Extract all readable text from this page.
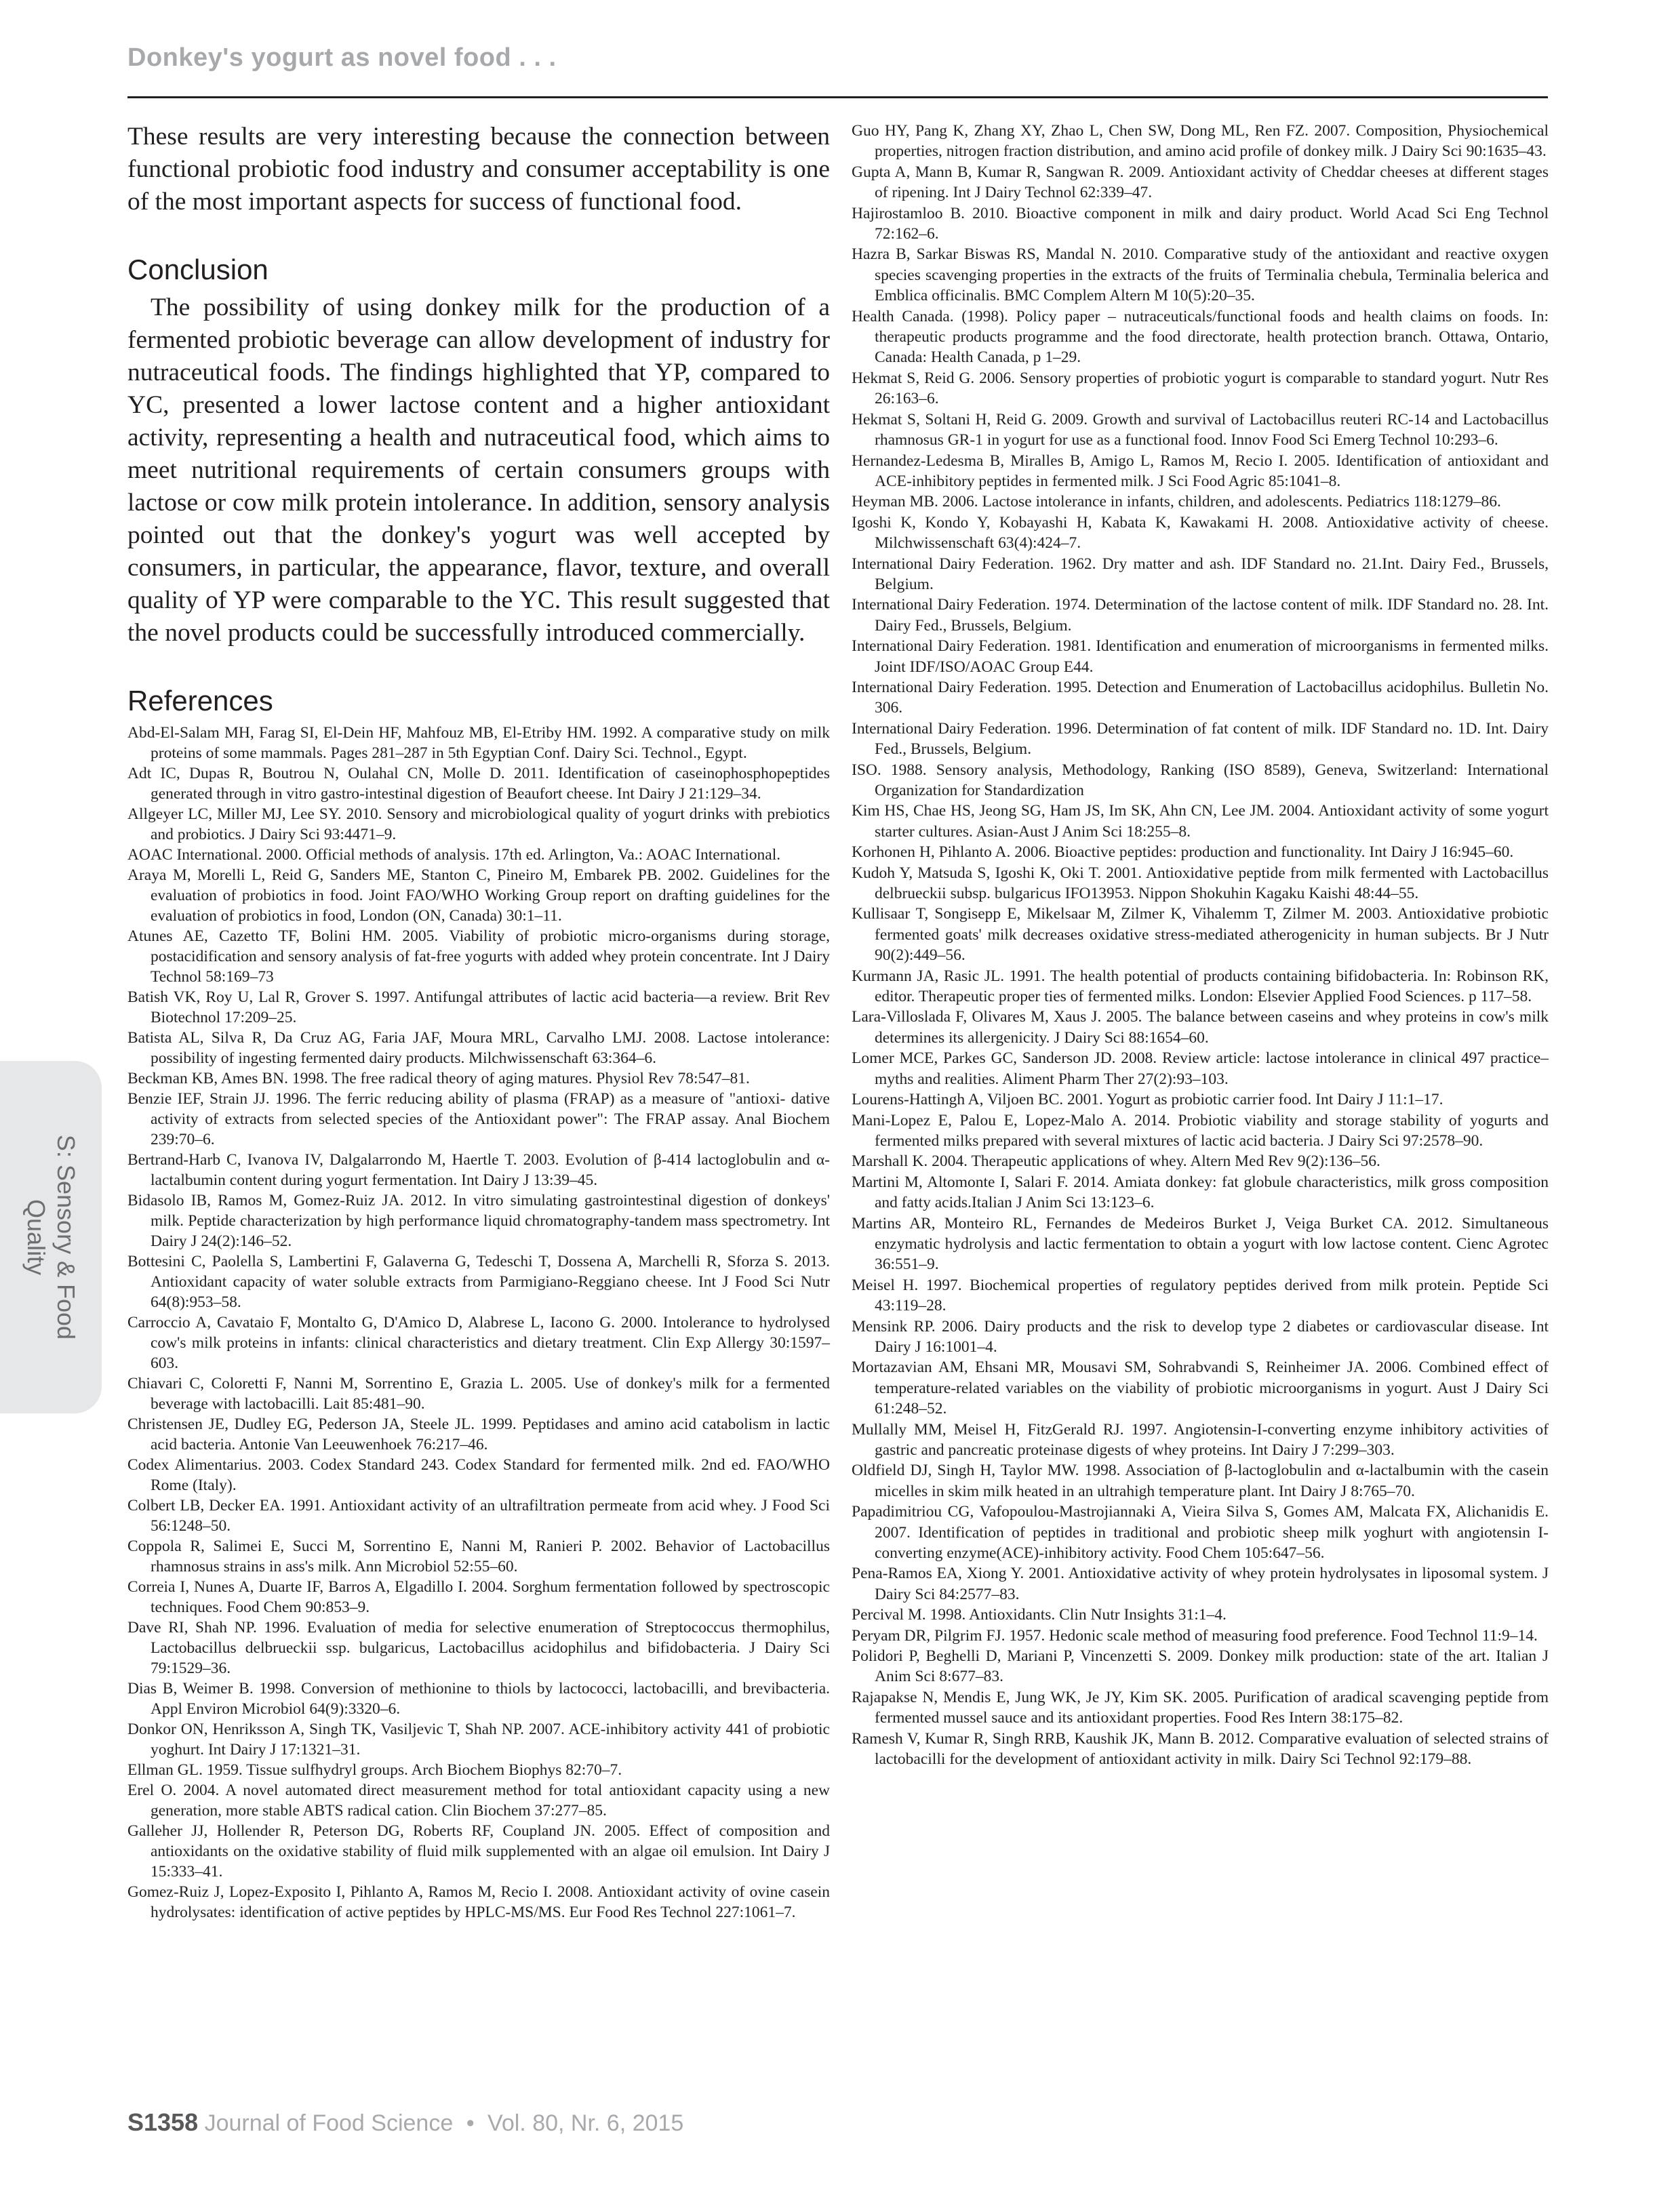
Donkey's yogurt as novel food . . .

These results are very interesting because the connection between functional probiotic food industry and consumer acceptability is one of the most important aspects for success of functional food.

Conclusion

The possibility of using donkey milk for the production of a fermented probiotic beverage can allow development of industry for nutraceutical foods. The findings highlighted that YP, compared to YC, presented a lower lactose content and a higher antioxidant activity, representing a health and nutraceutical food, which aims to meet nutritional requirements of certain consumers groups with lactose or cow milk protein intolerance. In addition, sensory analysis pointed out that the donkey's yogurt was well accepted by consumers, in particular, the appearance, flavor, texture, and overall quality of YP were comparable to the YC. This result suggested that the novel products could be successfully introduced commercially.

References
Abd-El-Salam MH, Farag SI, El-Dein HF, Mahfouz MB, El-Etriby HM. 1992. A comparative study on milk proteins of some mammals. Pages 281–287 in 5th Egyptian Conf. Dairy Sci. Technol., Egypt.
Adt IC, Dupas R, Boutrou N, Oulahal CN, Molle D. 2011. Identification of caseinophosphopeptides generated through in vitro gastro-intestinal digestion of Beaufort cheese. Int Dairy J 21:129–34.
Allgeyer LC, Miller MJ, Lee SY. 2010. Sensory and microbiological quality of yogurt drinks with prebiotics and probiotics. J Dairy Sci 93:4471–9.
AOAC International. 2000. Official methods of analysis. 17th ed. Arlington, Va.: AOAC International.
Araya M, Morelli L, Reid G, Sanders ME, Stanton C, Pineiro M, Embarek PB. 2002. Guidelines for the evaluation of probiotics in food. Joint FAO/WHO Working Group report on drafting guidelines for the evaluation of probiotics in food, London (ON, Canada) 30:1–11.
Atunes AE, Cazetto TF, Bolini HM. 2005. Viability of probiotic micro-organisms during storage, postacidification and sensory analysis of fat-free yogurts with added whey protein concentrate. Int J Dairy Technol 58:169–73
Batish VK, Roy U, Lal R, Grover S. 1997. Antifungal attributes of lactic acid bacteria—a review. Brit Rev Biotechnol 17:209–25.
Batista AL, Silva R, Da Cruz AG, Faria JAF, Moura MRL, Carvalho LMJ. 2008. Lactose intolerance: possibility of ingesting fermented dairy products. Milchwissenschaft 63:364–6.
Beckman KB, Ames BN. 1998. The free radical theory of aging matures. Physiol Rev 78:547–81.
Benzie IEF, Strain JJ. 1996. The ferric reducing ability of plasma (FRAP) as a measure of "antioxi- dative activity of extracts from selected species of the Antioxidant power": The FRAP assay. Anal Biochem 239:70–6.
Bertrand-Harb C, Ivanova IV, Dalgalarrondo M, Haertle T. 2003. Evolution of β-414 lactoglobulin and α-lactalbumin content during yogurt fermentation. Int Dairy J 13:39–45.
Bidasolo IB, Ramos M, Gomez-Ruiz JA. 2012. In vitro simulating gastrointestinal digestion of donkeys' milk. Peptide characterization by high performance liquid chromatography-tandem mass spectrometry. Int Dairy J 24(2):146–52.
Bottesini C, Paolella S, Lambertini F, Galaverna G, Tedeschi T, Dossena A, Marchelli R, Sforza S. 2013. Antioxidant capacity of water soluble extracts from Parmigiano-Reggiano cheese. Int J Food Sci Nutr 64(8):953–58.
Carroccio A, Cavataio F, Montalto G, D'Amico D, Alabrese L, Iacono G. 2000. Intolerance to hydrolysed cow's milk proteins in infants: clinical characteristics and dietary treatment. Clin Exp Allergy 30:1597–603.
Chiavari C, Coloretti F, Nanni M, Sorrentino E, Grazia L. 2005. Use of donkey's milk for a fermented beverage with lactobacilli. Lait 85:481–90.
Christensen JE, Dudley EG, Pederson JA, Steele JL. 1999. Peptidases and amino acid catabolism in lactic acid bacteria. Antonie Van Leeuwenhoek 76:217–46.
Codex Alimentarius. 2003. Codex Standard 243. Codex Standard for fermented milk. 2nd ed. FAO/WHO Rome (Italy).
Colbert LB, Decker EA. 1991. Antioxidant activity of an ultrafiltration permeate from acid whey. J Food Sci 56:1248–50.
Coppola R, Salimei E, Succi M, Sorrentino E, Nanni M, Ranieri P. 2002. Behavior of Lactobacillus rhamnosus strains in ass's milk. Ann Microbiol 52:55–60.
Correia I, Nunes A, Duarte IF, Barros A, Elgadillo I. 2004. Sorghum fermentation followed by spectroscopic techniques. Food Chem 90:853–9.
Dave RI, Shah NP. 1996. Evaluation of media for selective enumeration of Streptococcus thermophilus, Lactobacillus delbrueckii ssp. bulgaricus, Lactobacillus acidophilus and bifidobacteria. J Dairy Sci 79:1529–36.
Dias B, Weimer B. 1998. Conversion of methionine to thiols by lactococci, lactobacilli, and brevibacteria. Appl Environ Microbiol 64(9):3320–6.
Donkor ON, Henriksson A, Singh TK, Vasiljevic T, Shah NP. 2007. ACE-inhibitory activity 441 of probiotic yoghurt. Int Dairy J 17:1321–31.
Ellman GL. 1959. Tissue sulfhydryl groups. Arch Biochem Biophys 82:70–7.
Erel O. 2004. A novel automated direct measurement method for total antioxidant capacity using a new generation, more stable ABTS radical cation. Clin Biochem 37:277–85.
Galleher JJ, Hollender R, Peterson DG, Roberts RF, Coupland JN. 2005. Effect of composition and antioxidants on the oxidative stability of fluid milk supplemented with an algae oil emulsion. Int Dairy J 15:333–41.
Gomez-Ruiz J, Lopez-Exposito I, Pihlanto A, Ramos M, Recio I. 2008. Antioxidant activity of ovine casein hydrolysates: identification of active peptides by HPLC-MS/MS. Eur Food Res Technol 227:1061–7.
Guo HY, Pang K, Zhang XY, Zhao L, Chen SW, Dong ML, Ren FZ. 2007. Composition, Physiochemical properties, nitrogen fraction distribution, and amino acid profile of donkey milk. J Dairy Sci 90:1635–43.
Gupta A, Mann B, Kumar R, Sangwan R. 2009. Antioxidant activity of Cheddar cheeses at different stages of ripening. Int J Dairy Technol 62:339–47.
Hajirostamloo B. 2010. Bioactive component in milk and dairy product. World Acad Sci Eng Technol 72:162–6.
Hazra B, Sarkar Biswas RS, Mandal N. 2010. Comparative study of the antioxidant and reactive oxygen species scavenging properties in the extracts of the fruits of Terminalia chebula, Terminalia belerica and Emblica officinalis. BMC Complem Altern M 10(5):20–35.
Health Canada. (1998). Policy paper – nutraceuticals/functional foods and health claims on foods. In: therapeutic products programme and the food directorate, health protection branch. Ottawa, Ontario, Canada: Health Canada, p 1–29.
Hekmat S, Reid G. 2006. Sensory properties of probiotic yogurt is comparable to standard yogurt. Nutr Res 26:163–6.
Hekmat S, Soltani H, Reid G. 2009. Growth and survival of Lactobacillus reuteri RC-14 and Lactobacillus rhamnosus GR-1 in yogurt for use as a functional food. Innov Food Sci Emerg Technol 10:293–6.
Hernandez-Ledesma B, Miralles B, Amigo L, Ramos M, Recio I. 2005. Identification of antioxidant and ACE-inhibitory peptides in fermented milk. J Sci Food Agric 85:1041–8.
Heyman MB. 2006. Lactose intolerance in infants, children, and adolescents. Pediatrics 118:1279–86.
Igoshi K, Kondo Y, Kobayashi H, Kabata K, Kawakami H. 2008. Antioxidative activity of cheese. Milchwissenschaft 63(4):424–7.
International Dairy Federation. 1962. Dry matter and ash. IDF Standard no. 21.Int. Dairy Fed., Brussels, Belgium.
International Dairy Federation. 1974. Determination of the lactose content of milk. IDF Standard no. 28. Int. Dairy Fed., Brussels, Belgium.
International Dairy Federation. 1981. Identification and enumeration of microorganisms in fermented milks. Joint IDF/ISO/AOAC Group E44.
International Dairy Federation. 1995. Detection and Enumeration of Lactobacillus acidophilus. Bulletin No. 306.
International Dairy Federation. 1996. Determination of fat content of milk. IDF Standard no. 1D. Int. Dairy Fed., Brussels, Belgium.
ISO. 1988. Sensory analysis, Methodology, Ranking (ISO 8589), Geneva, Switzerland: International Organization for Standardization
Kim HS, Chae HS, Jeong SG, Ham JS, Im SK, Ahn CN, Lee JM. 2004. Antioxidant activity of some yogurt starter cultures. Asian-Aust J Anim Sci 18:255–8.
Korhonen H, Pihlanto A. 2006. Bioactive peptides: production and functionality. Int Dairy J 16:945–60.
Kudoh Y, Matsuda S, Igoshi K, Oki T. 2001. Antioxidative peptide from milk fermented with Lactobacillus delbrueckii subsp. bulgaricus IFO13953. Nippon Shokuhin Kagaku Kaishi 48:44–55.
Kullisaar T, Songisepp E, Mikelsaar M, Zilmer K, Vihalemm T, Zilmer M. 2003. Antioxidative probiotic fermented goats' milk decreases oxidative stress-mediated atherogenicity in human subjects. Br J Nutr 90(2):449–56.
Kurmann JA, Rasic JL. 1991. The health potential of products containing bifidobacteria. In: Robinson RK, editor. Therapeutic proper ties of fermented milks. London: Elsevier Applied Food Sciences. p 117–58.
Lara-Villoslada F, Olivares M, Xaus J. 2005. The balance between caseins and whey proteins in cow's milk determines its allergenicity. J Dairy Sci 88:1654–60.
Lomer MCE, Parkes GC, Sanderson JD. 2008. Review article: lactose intolerance in clinical 497 practice–myths and realities. Aliment Pharm Ther 27(2):93–103.
Lourens-Hattingh A, Viljoen BC. 2001. Yogurt as probiotic carrier food. Int Dairy J 11:1–17.
Mani-Lopez E, Palou E, Lopez-Malo A. 2014. Probiotic viability and storage stability of yogurts and fermented milks prepared with several mixtures of lactic acid bacteria. J Dairy Sci 97:2578–90.
Marshall K. 2004. Therapeutic applications of whey. Altern Med Rev 9(2):136–56.
Martini M, Altomonte I, Salari F. 2014. Amiata donkey: fat globule characteristics, milk gross composition and fatty acids.Italian J Anim Sci 13:123–6.
Martins AR, Monteiro RL, Fernandes de Medeiros Burket J, Veiga Burket CA. 2012. Simultaneous enzymatic hydrolysis and lactic fermentation to obtain a yogurt with low lactose content. Cienc Agrotec 36:551–9.
Meisel H. 1997. Biochemical properties of regulatory peptides derived from milk protein. Peptide Sci 43:119–28.
Mensink RP. 2006. Dairy products and the risk to develop type 2 diabetes or cardiovascular disease. Int Dairy J 16:1001–4.
Mortazavian AM, Ehsani MR, Mousavi SM, Sohrabvandi S, Reinheimer JA. 2006. Combined effect of temperature-related variables on the viability of probiotic microorganisms in yogurt. Aust J Dairy Sci 61:248–52.
Mullally MM, Meisel H, FitzGerald RJ. 1997. Angiotensin-I-converting enzyme inhibitory activities of gastric and pancreatic proteinase digests of whey proteins. Int Dairy J 7:299–303.
Oldfield DJ, Singh H, Taylor MW. 1998. Association of β-lactoglobulin and α-lactalbumin with the casein micelles in skim milk heated in an ultrahigh temperature plant. Int Dairy J 8:765–70.
Papadimitriou CG, Vafopoulou-Mastrojiannaki A, Vieira Silva S, Gomes AM, Malcata FX, Alichanidis E. 2007. Identification of peptides in traditional and probiotic sheep milk yoghurt with angiotensin I- converting enzyme(ACE)-inhibitory activity. Food Chem 105:647–56.
Pena-Ramos EA, Xiong Y. 2001. Antioxidative activity of whey protein hydrolysates in liposomal system. J Dairy Sci 84:2577–83.
Percival M. 1998. Antioxidants. Clin Nutr Insights 31:1–4.
Peryam DR, Pilgrim FJ. 1957. Hedonic scale method of measuring food preference. Food Technol 11:9–14.
Polidori P, Beghelli D, Mariani P, Vincenzetti S. 2009. Donkey milk production: state of the art. Italian J Anim Sci 8:677–83.
Rajapakse N, Mendis E, Jung WK, Je JY, Kim SK. 2005. Purification of aradical scavenging peptide from fermented mussel sauce and its antioxidant properties. Food Res Intern 38:175–82.
Ramesh V, Kumar R, Singh RRB, Kaushik JK, Mann B. 2012. Comparative evaluation of selected strains of lactobacilli for the development of antioxidant activity in milk. Dairy Sci Technol 92:179–88.
S: Sensory & Food
Quality
S1358 Journal of Food Science • Vol. 80, Nr. 6, 2015
